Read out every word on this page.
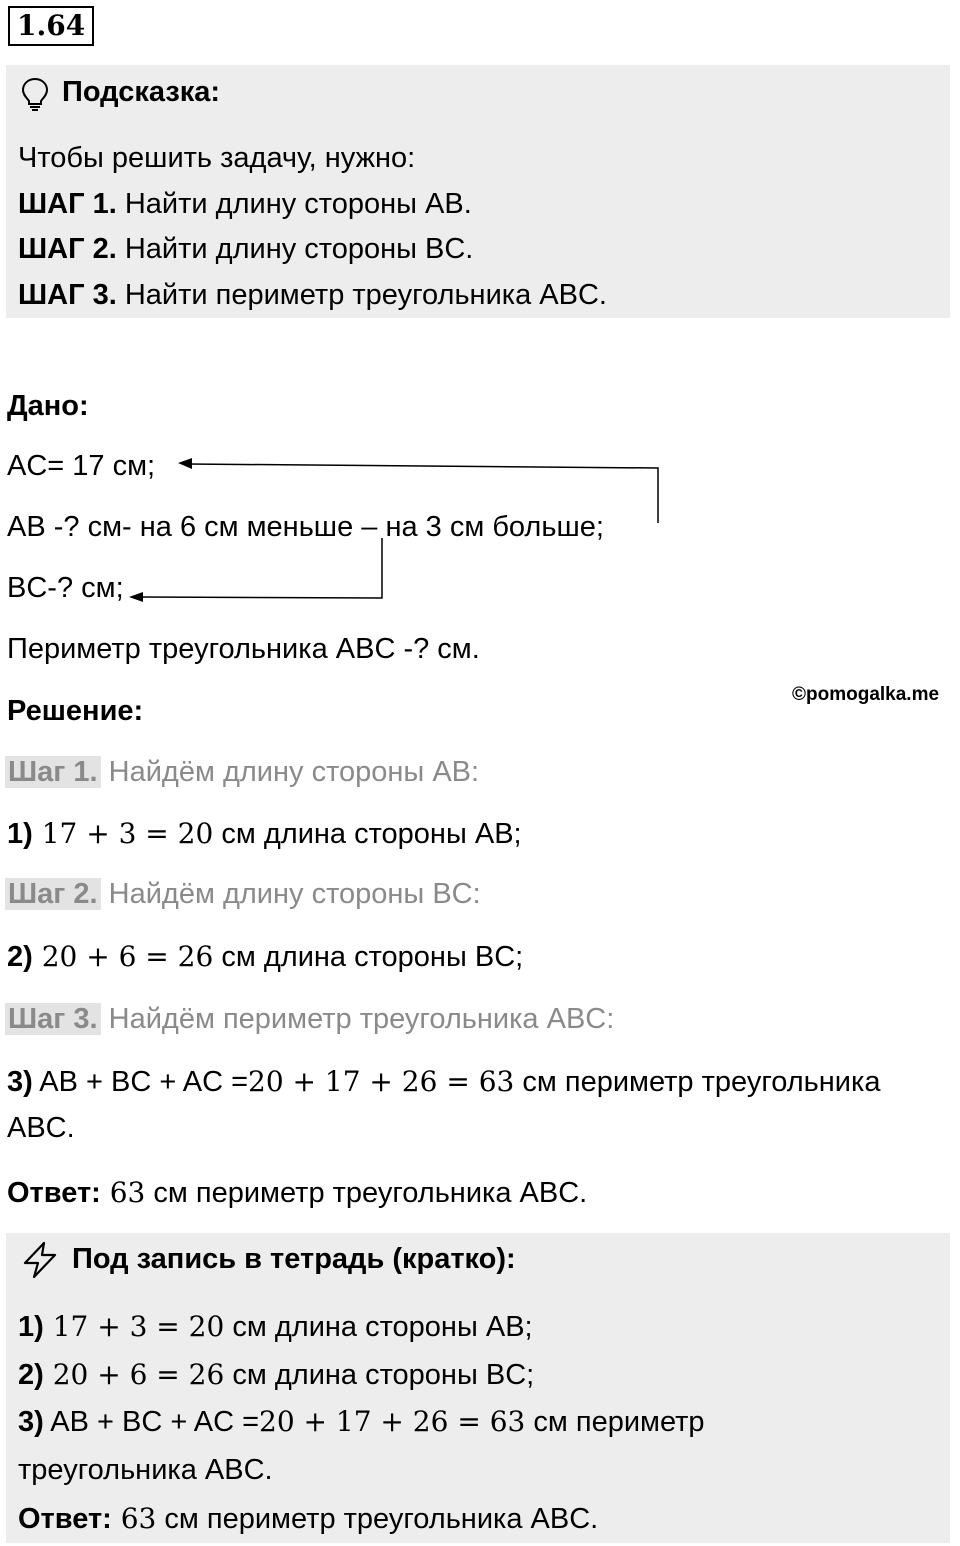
1.64
Подсказка:
Чтобы решить задачу, нужно:
ШАГ 1. Найти длину стороны AB.
ШАГ 2. Найти длину стороны BC.
ШАГ 3. Найти периметр треугольника ABC.
Дано:
AC= 17 см;
AB -? см- на 6 см меньше – на 3 см больше;
BC-? см;
Периметр треугольника ABC -? см.
©pomogalka.me
Решение:
Шаг 1. Найдём длину стороны AB:
1) 17 + 3 = 20 см длина стороны AB;
Шаг 2. Найдём длину стороны BC:
2) 20 + 6 = 26 см длина стороны BC;
Шаг 3. Найдём периметр треугольника ABC:
3) AB + BC + AC =20 + 17 + 26 = 63 см периметр треугольника
ABC.
Ответ: 63 см периметр треугольника ABC.
Под запись в тетрадь (кратко):
1) 17 + 3 = 20 см длина стороны AB;
2) 20 + 6 = 26 см длина стороны BC;
3) AB + BC + AC =20 + 17 + 26 = 63 см периметр
треугольника ABC.
Ответ: 63 см периметр треугольника ABC.
